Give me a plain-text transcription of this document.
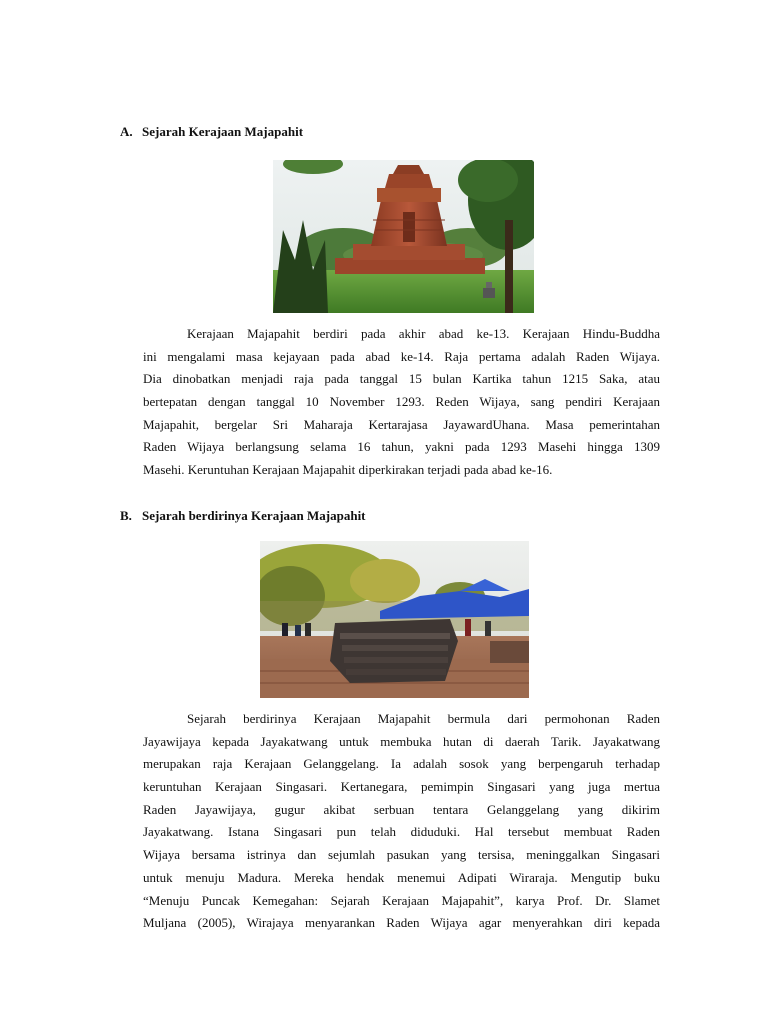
A. Sejarah Kerajaan Majapahit
Kerajaan Majapahit berdiri pada akhir abad ke-13. Kerajaan Hindu-Buddha
ini mengalami masa kejayaan pada abad ke-14. Raja pertama adalah Raden Wijaya.
Dia dinobatkan menjadi raja pada tanggal 15 bulan Kartika tahun 1215 Saka, atau
bertepatan dengan tanggal 10 November 1293. Reden Wijaya, sang pendiri Kerajaan
Majapahit, bergelar Sri Maharaja Kertarajasa JayawardUhana. Masa pemerintahan
Raden Wijaya berlangsung selama 16 tahun, yakni pada 1293 Masehi hingga 1309
Masehi. Keruntuhan Kerajaan Majapahit diperkirakan terjadi pada abad ke-16.
B. Sejarah berdirinya Kerajaan Majapahit
Sejarah berdirinya Kerajaan Majapahit bermula dari permohonan Raden
Jayawijaya kepada Jayakatwang untuk membuka hutan di daerah Tarik. Jayakatwang
merupakan raja Kerajaan Gelanggelang. Ia adalah sosok yang berpengaruh terhadap
keruntuhan Kerajaan Singasari. Kertanegara, pemimpin Singasari yang juga mertua
Raden Jayawijaya, gugur akibat serbuan tentara Gelanggelang yang dikirim
Jayakatwang. Istana Singasari pun telah diduduki. Hal tersebut membuat Raden
Wijaya bersama istrinya dan sejumlah pasukan yang tersisa, meninggalkan Singasari
untuk menuju Madura. Mereka hendak menemui Adipati Wiraraja. Mengutip buku
“Menuju Puncak Kemegahan: Sejarah Kerajaan Majapahit”, karya Prof. Dr. Slamet
Muljana (2005), Wirajaya menyarankan Raden Wijaya agar menyerahkan diri kepada
